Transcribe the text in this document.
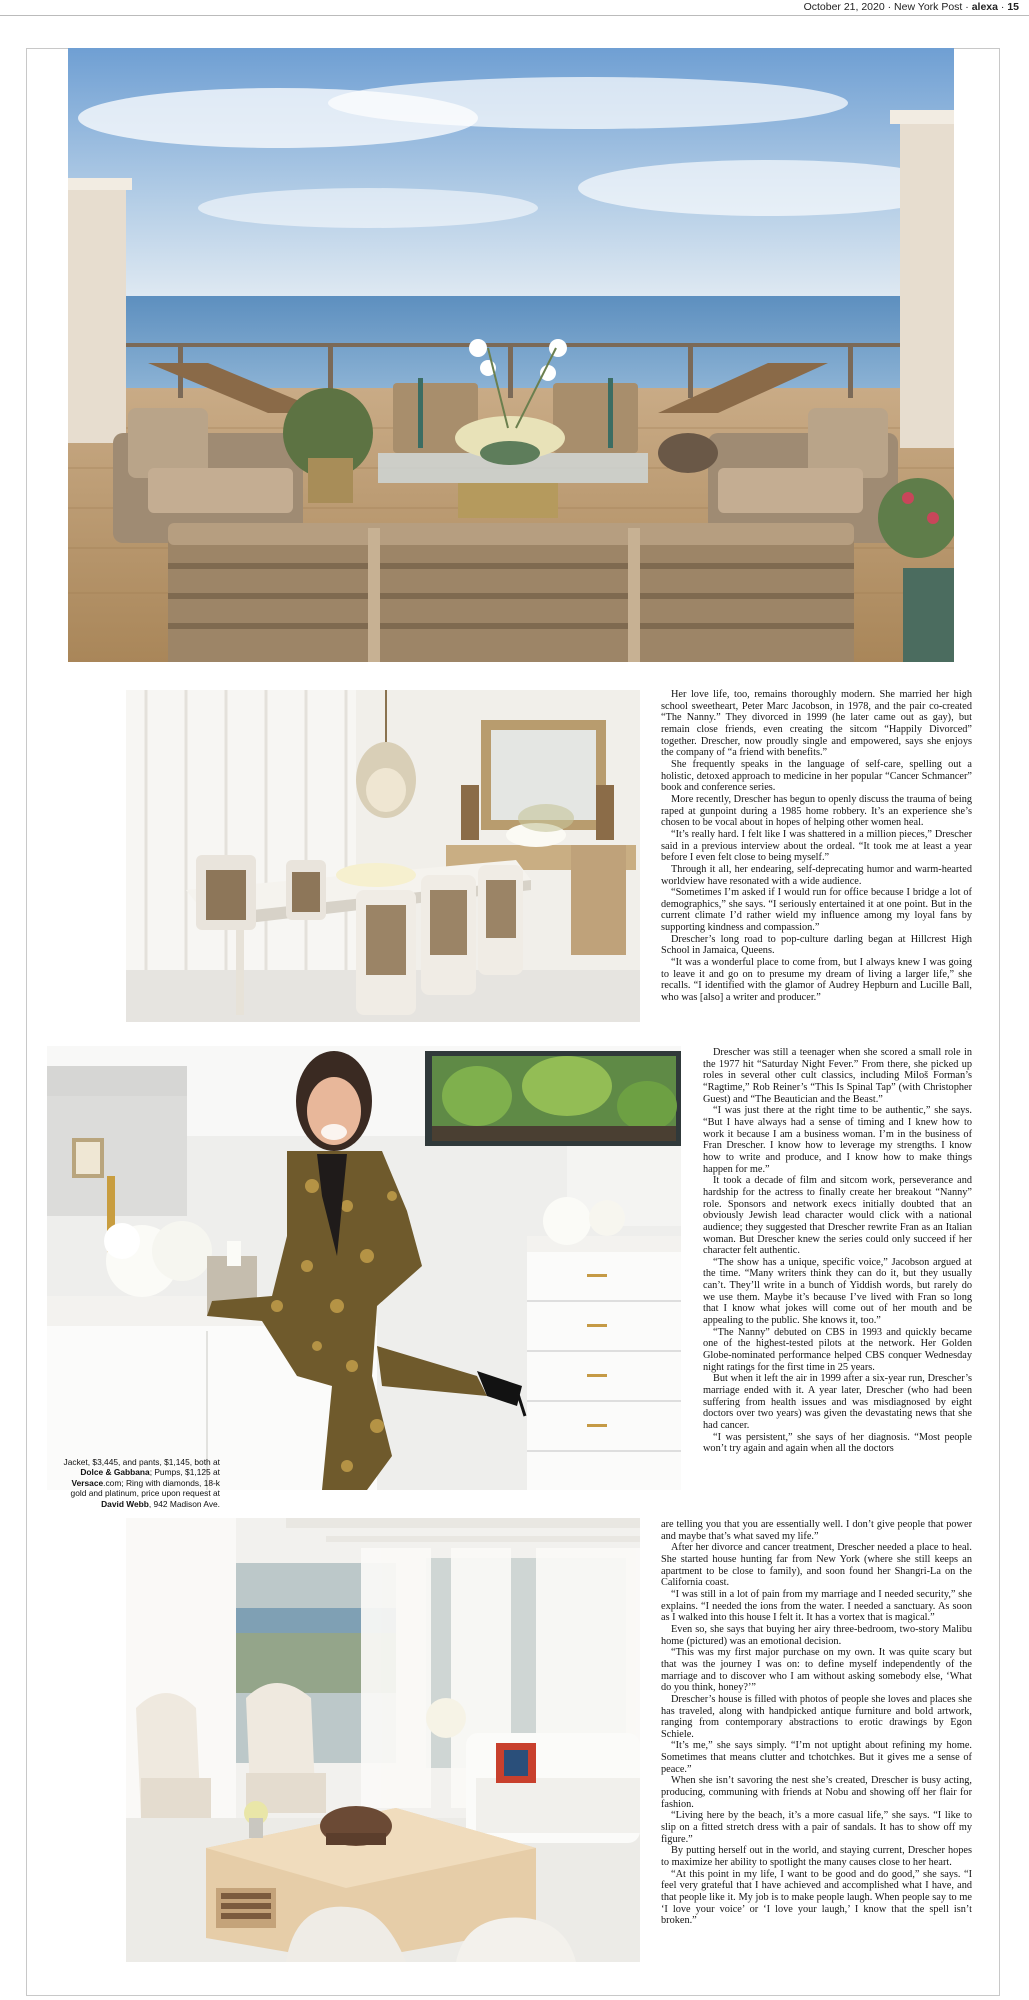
October 21, 2020 · New York Post · alexa · 15
Jacket, $3,445, and pants, $1,145, both at Dolce & Gabbana; Pumps, $1,125 at Versace.com; Ring with diamonds, 18-k gold and platinum, price upon request at David Webb, 942 Madison Ave.

Her love life, too, remains thoroughly modern. She married her high school sweetheart, Peter Marc Jacobson, in 1978, and the pair co-created “The Nanny.” They divorced in 1999 (he later came out as gay), but remain close friends, even creating the sitcom “Happily Divorced” together. Drescher, now proudly single and empowered, says she enjoys the company of “a friend with benefits.”

She frequently speaks in the language of self-care, spelling out a holistic, detoxed approach to medicine in her popular “Cancer Schmancer” book and conference series.

More recently, Drescher has begun to openly discuss the trauma of being raped at gunpoint during a 1985 home robbery. It’s an experience she’s chosen to be vocal about in hopes of helping other women heal.

“It’s really hard. I felt like I was shattered in a million pieces,” Drescher said in a previous interview about the ordeal. “It took me at least a year before I even felt close to being myself.”

Through it all, her endearing, self-deprecating humor and warm-hearted worldview have resonated with a wide audience.

“Sometimes I’m asked if I would run for office because I bridge a lot of demographics,” she says. “I seriously entertained it at one point. But in the current climate I’d rather wield my influence among my loyal fans by supporting kindness and compassion.”

Drescher’s long road to pop-culture darling began at Hillcrest High School in Jamaica, Queens.

“It was a wonderful place to come from, but I always knew I was going to leave it and go on to presume my dream of living a larger life,” she recalls. “I identified with the glamor of Audrey Hepburn and Lucille Ball, who was [also] a writer and producer.”

Drescher was still a teenager when she scored a small role in the 1977 hit “Saturday Night Fever.” From there, she picked up roles in several other cult classics, including Miloš Forman’s “Ragtime,” Rob Reiner’s “This Is Spinal Tap” (with Christopher Guest) and “The Beautician and the Beast.”

“I was just there at the right time to be authentic,” she says. “But I have always had a sense of timing and I knew how to work it because I am a business woman. I’m in the business of Fran Drescher. I know how to leverage my strengths. I know how to write and produce, and I know how to make things happen for me.”

It took a decade of film and sitcom work, perseverance and hardship for the actress to finally create her breakout “Nanny” role. Sponsors and network execs initially doubted that an obviously Jewish lead character would click with a national audience; they suggested that Drescher rewrite Fran as an Italian woman. But Drescher knew the series could only succeed if her character felt authentic.

“The show has a unique, specific voice,” Jacobson argued at the time. “Many writers think they can do it, but they usually can’t. They’ll write in a bunch of Yiddish words, but rarely do we use them. Maybe it’s because I’ve lived with Fran so long that I know what jokes will come out of her mouth and be appealing to the public. She knows it, too.”

“The Nanny” debuted on CBS in 1993 and quickly became one of the highest-tested pilots at the network. Her Golden Globe-nominated performance helped CBS conquer Wednesday night ratings for the first time in 25 years.

But when it left the air in 1999 after a six-year run, Drescher’s marriage ended with it. A year later, Drescher (who had been suffering from health issues and was misdiagnosed by eight doctors over two years) was given the devastating news that she had cancer.

“I was persistent,” she says of her diagnosis. “Most people won’t try again and again when all the doctors

are telling you that you are essentially well. I don’t give people that power and maybe that’s what saved my life.”

After her divorce and cancer treatment, Drescher needed a place to heal. She started house hunting far from New York (where she still keeps an apartment to be close to family), and soon found her Shangri-La on the California coast.

“I was still in a lot of pain from my marriage and I needed security,” she explains. “I needed the ions from the water. I needed a sanctuary. As soon as I walked into this house I felt it. It has a vortex that is magical.”

Even so, she says that buying her airy three-bedroom, two-story Malibu home (pictured) was an emotional decision.

“This was my first major purchase on my own. It was quite scary but that was the journey I was on: to define myself independently of the marriage and to discover who I am without asking somebody else, ‘What do you think, honey?’”

Drescher’s house is filled with photos of people she loves and places she has traveled, along with handpicked antique furniture and bold artwork, ranging from contemporary abstractions to erotic drawings by Egon Schiele.

“It’s me,” she says simply. “I’m not uptight about refining my home. Sometimes that means clutter and tchotchkes. But it gives me a sense of peace.”

When she isn’t savoring the nest she’s created, Drescher is busy acting, producing, communing with friends at Nobu and showing off her flair for fashion.

“Living here by the beach, it’s a more casual life,” she says. “I like to slip on a fitted stretch dress with a pair of sandals. It has to show off my figure.”

By putting herself out in the world, and staying current, Drescher hopes to maximize her ability to spotlight the many causes close to her heart.

“At this point in my life, I want to be good and do good,” she says. “I feel very grateful that I have achieved and accomplished what I have, and that people like it. My job is to make people laugh. When people say to me ‘I love your voice’ or ‘I love your laugh,’ I know that the spell isn’t broken.”
